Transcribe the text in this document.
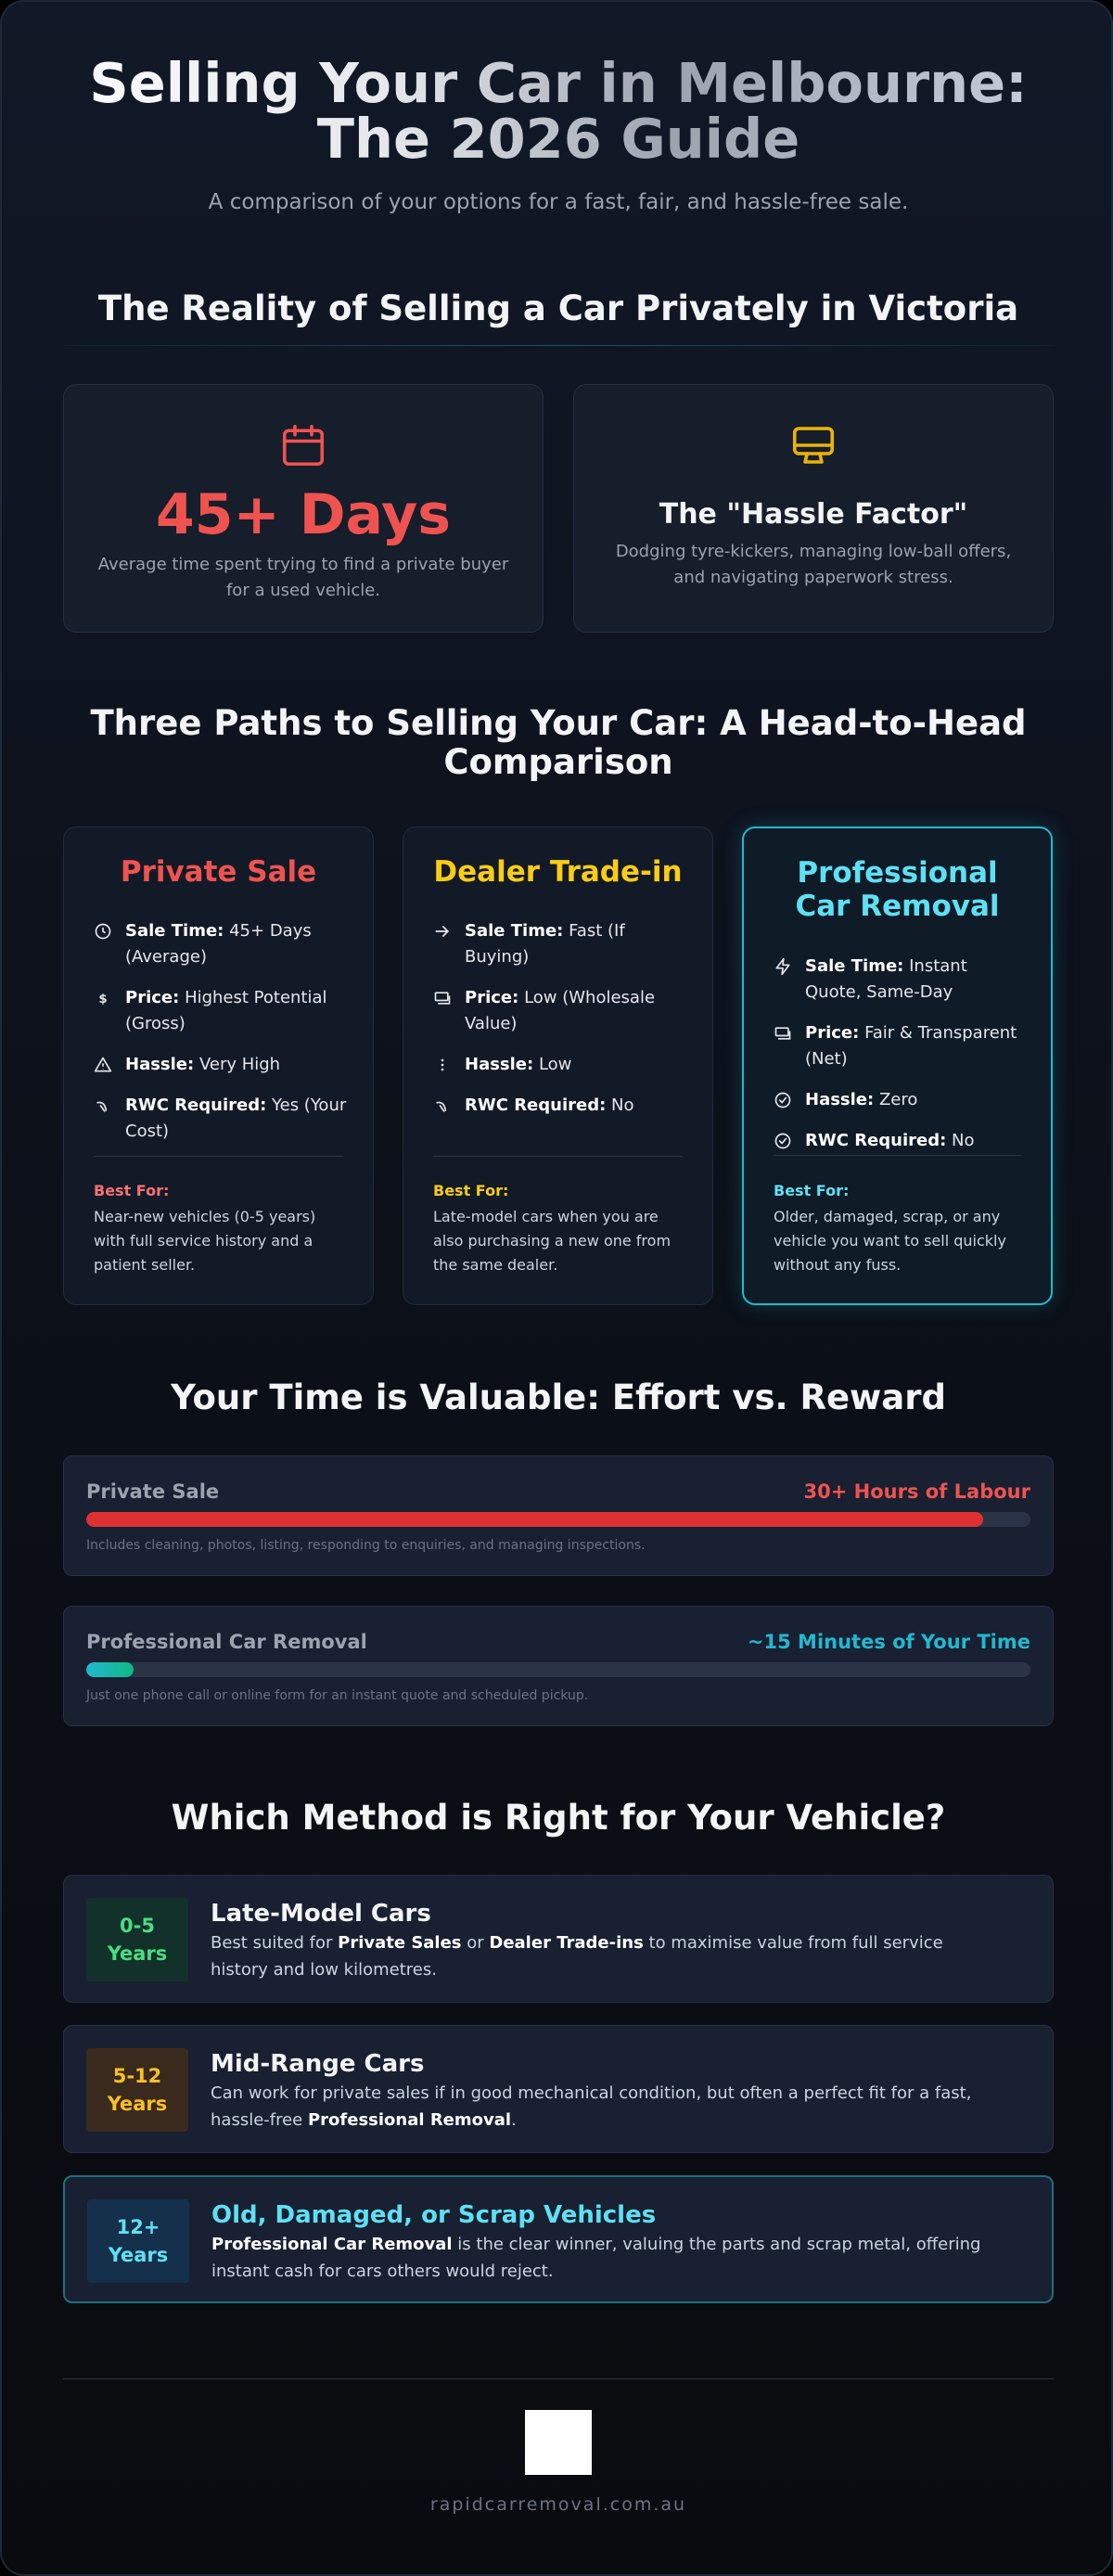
Selling Your Car in Melbourne:
The 2026 Guide
A comparison of your options for a fast, fair, and hassle-free sale.
The Reality of Selling a Car Privately in Victoria
45+ Days
Average time spent trying to find a private buyer for a used vehicle.
The "Hassle Factor"
Dodging tyre-kickers, managing low-ball offers, and navigating paperwork stress.
Three Paths to Selling Your Car: A Head-to-Head
Comparison
Private Sale
Sale Time: 45+ Days (Average)
$ Price: Highest Potential (Gross)
Hassle: Very High
RWC Required: Yes (Your Cost)
Best For:
Near-new vehicles (0-5 years) with full service history and a patient seller.
Dealer Trade-in
Sale Time: Fast (If Buying)
Price: Low (Wholesale Value)
Hassle: Low
RWC Required: No
Best For:
Late-model cars when you are also purchasing a new one from the same dealer.
Professional
Car Removal
Sale Time: Instant Quote, Same-Day
Price: Fair & Transparent (Net)
Hassle: Zero
RWC Required: No
Best For:
Older, damaged, scrap, or any vehicle you want to sell quickly without any fuss.
Your Time is Valuable: Effort vs. Reward
Private Sale	30+ Hours of Labour
Includes cleaning, photos, listing, responding to enquiries, and managing inspections.
Professional Car Removal	~15 Minutes of Your Time
Just one phone call or online form for an instant quote and scheduled pickup.
Which Method is Right for Your Vehicle?
0-5
Years
Late-Model Cars
Best suited for Private Sales or Dealer Trade-ins to maximise value from full service history and low kilometres.
5-12
Years
Mid-Range Cars
Can work for private sales if in good mechanical condition, but often a perfect fit for a fast, hassle-free Professional Removal.
12+
Years
Old, Damaged, or Scrap Vehicles
Professional Car Removal is the clear winner, valuing the parts and scrap metal, offering instant cash for cars others would reject.
rapidcarremoval.com.au
